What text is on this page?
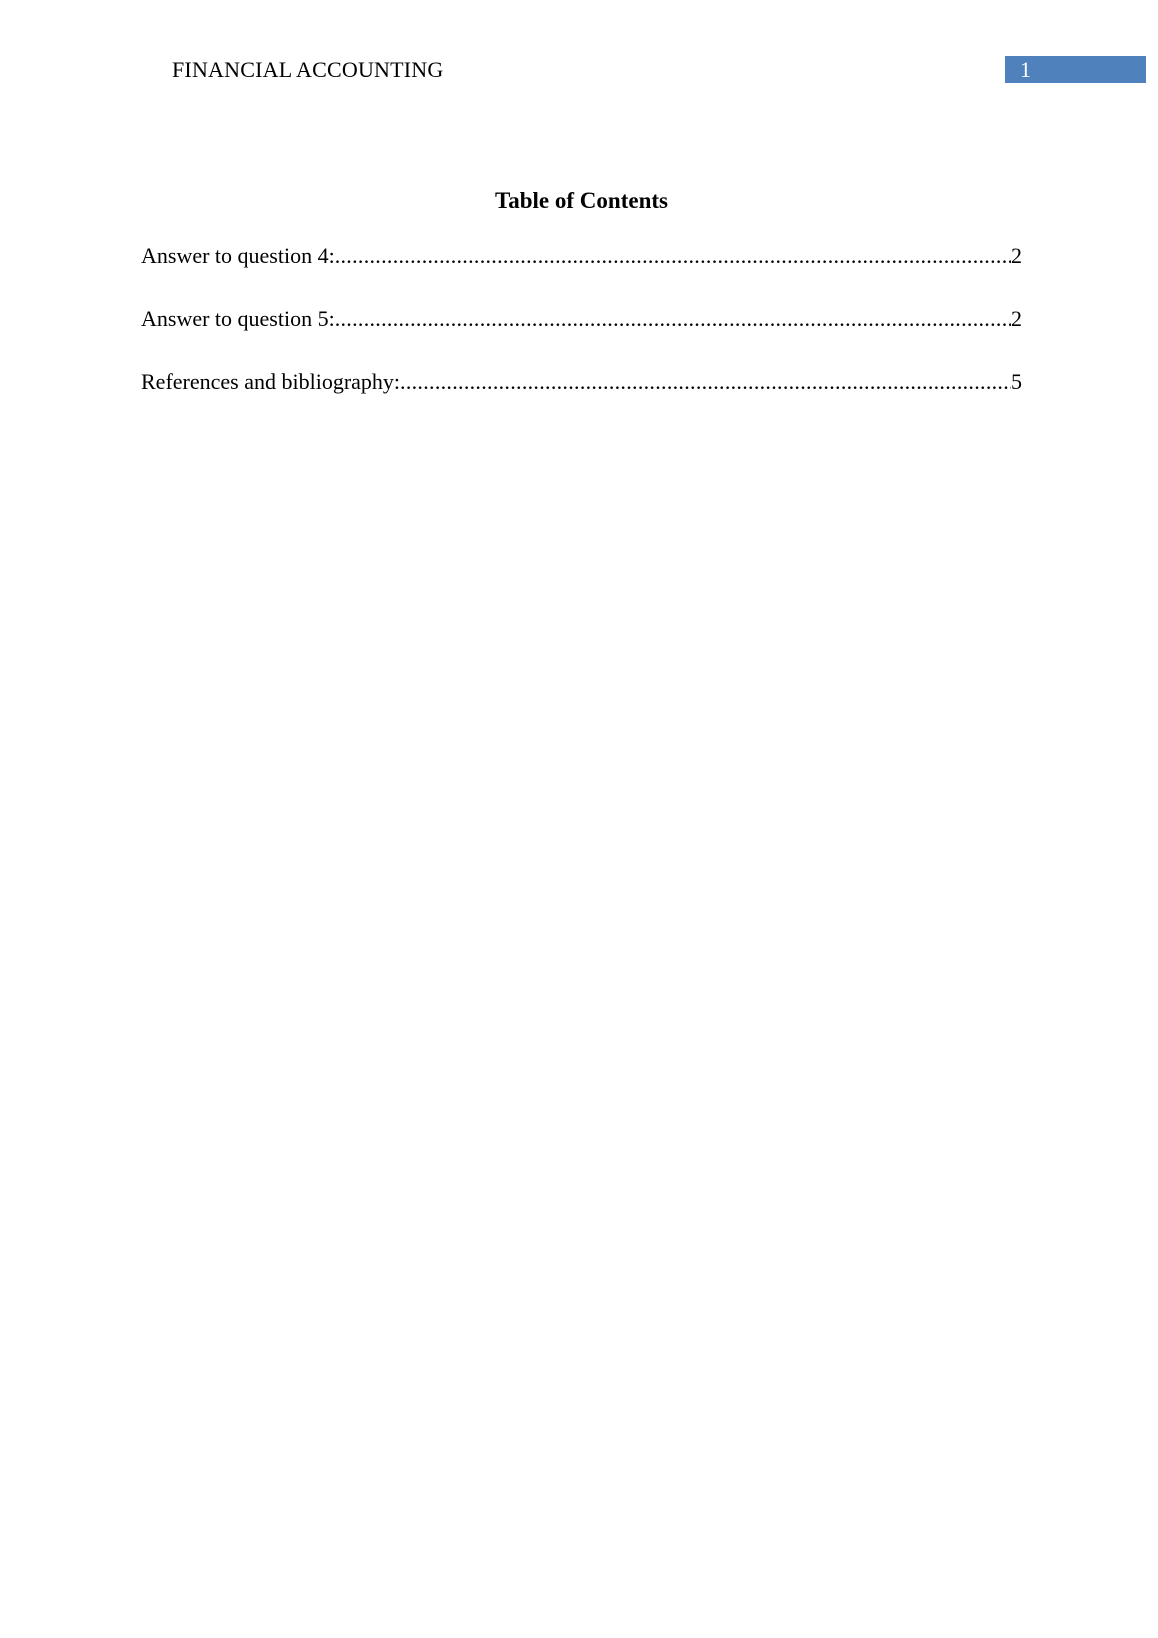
FINANCIAL ACCOUNTING	1
Table of Contents
Answer to question 4: .....	2
Answer to question 5: .....	2
References and bibliography: .....	5
